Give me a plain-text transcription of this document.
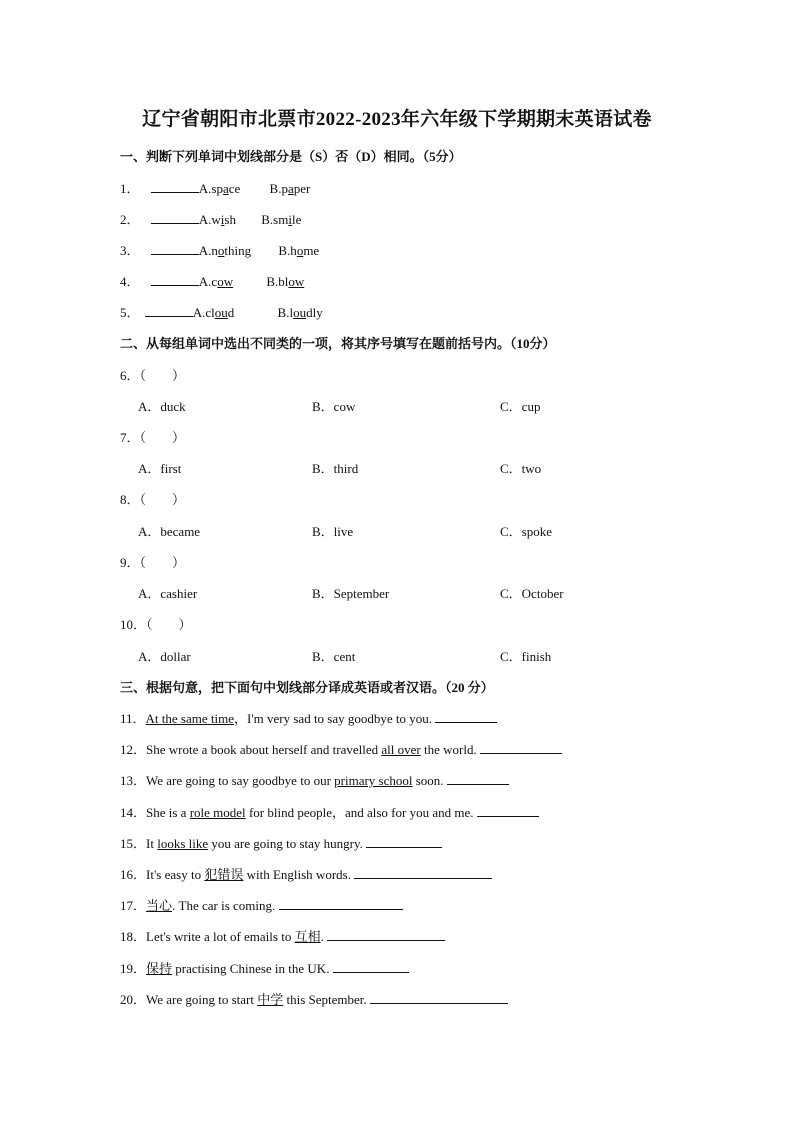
辽宁省朝阳市北票市2022-2023年六年级下学期期末英语试卷
一、判断下列单词中划线部分是（S）否（D）相同。（5分）
1．	A.space B.paper
2．	A.wish B.smile
3．	A.nothing B.home
4．	A.cow	B.blow
5．	A.cloud	B.loudly
二、从每组单词中选出不同类的一项，将其序号填写在题前括号内。（10分）
6．（　　）
A．duck	B．cow	C．cup
7．（　　）
A．first	B．third	C．two
8．（　　）
A．became	B．live	C．spoke
9．（　　）
A．cashier	B．September	C．October
10．（　　）
A．dollar	B．cent	C．finish
三、根据句意，把下面句中划线部分译成英语或者汉语。（20 分）
11．At the same time，I'm very sad to say goodbye to you.
12．She wrote a book about herself and travelled all over the world.
13．We are going to say goodbye to our primary school soon.
14．She is a role model for blind people，and also for you and me.
15．It looks like you are going to stay hungry.
16．It's easy to 犯错误 with English words.
17．当心. The car is coming.
18．Let's write a lot of emails to 互相.
19．保持 practising Chinese in the UK.
20．We are going to start 中学 this September.
